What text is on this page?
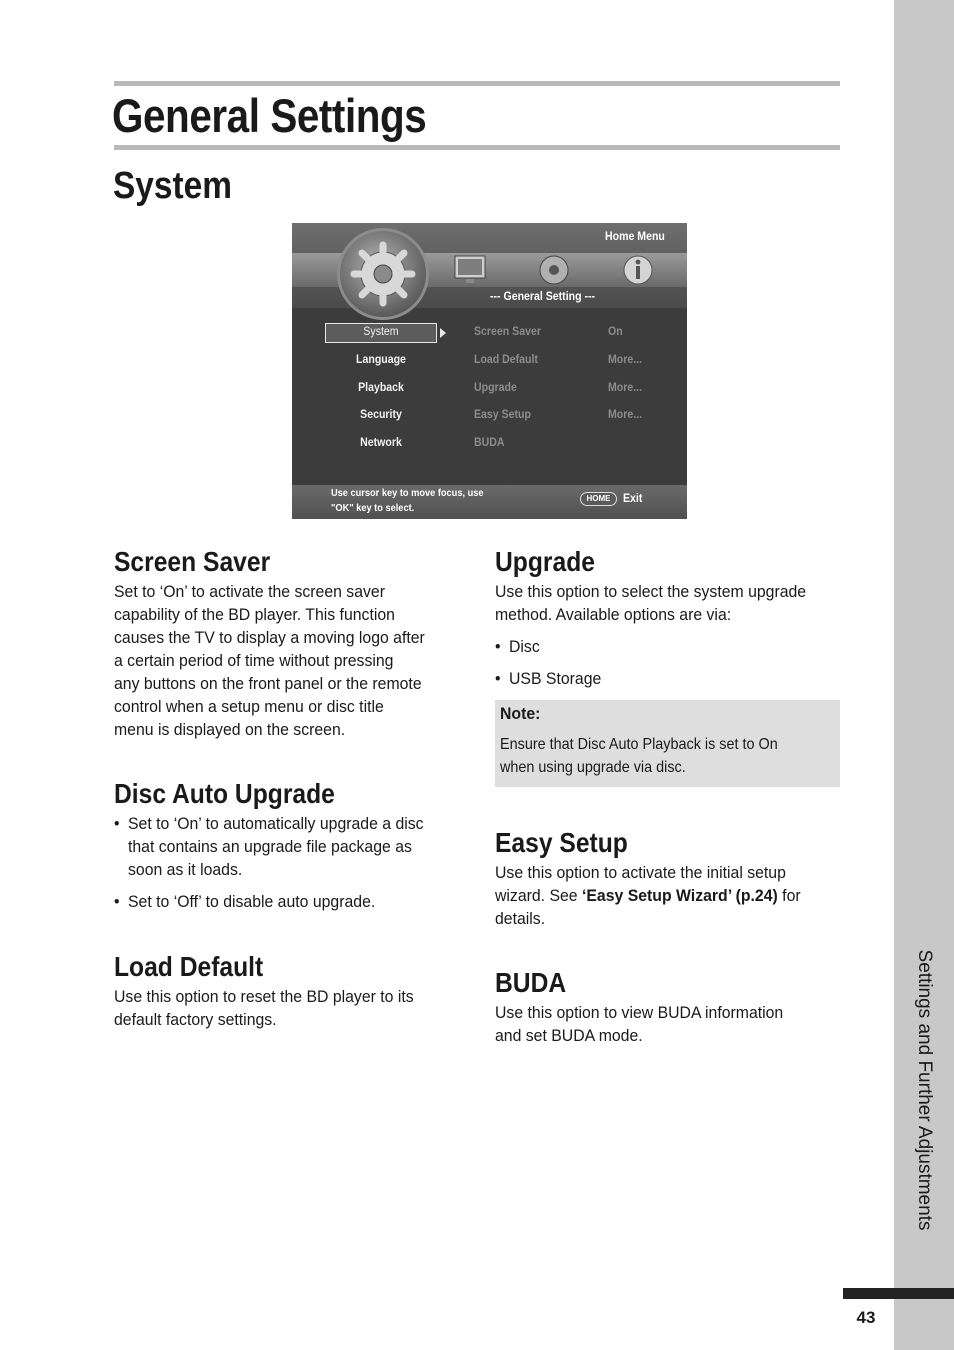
Settings and Further Adjustments
43
General Settings
System
Home Menu
--- General Setting ---
System
Language
Playback
Security
Network
Screen Saver
Load Default
Upgrade
Easy Setup
BUDA
On
More...
More...
More...
Use cursor key to move focus, use
"OK" key to select.
HOME	Exit
Screen Saver

Set to ‘On’ to activate the screen saver

capability of the BD player. This function

causes the TV to display a moving logo after

a certain period of time without pressing

any buttons on the front panel or the remote

control when a setup menu or disc title

menu is displayed on the screen.

Disc Auto Upgrade
• Set to ‘On’ to automatically upgrade a disc

that contains an upgrade file package as

soon as it loads.

• Set to ‘Off’ to disable auto upgrade.

Load Default

Use this option to reset the BD player to its

default factory settings.

Upgrade

Use this option to select the system upgrade

method. Available options are via:

• Disc

• USB Storage

Note:

Ensure that Disc Auto Playback is set to On

when using upgrade via disc.

Easy Setup

Use this option to activate the initial setup

wizard. See ‘Easy Setup Wizard’ (p.24) for

details.

BUDA

Use this option to view BUDA information

and set BUDA mode.
